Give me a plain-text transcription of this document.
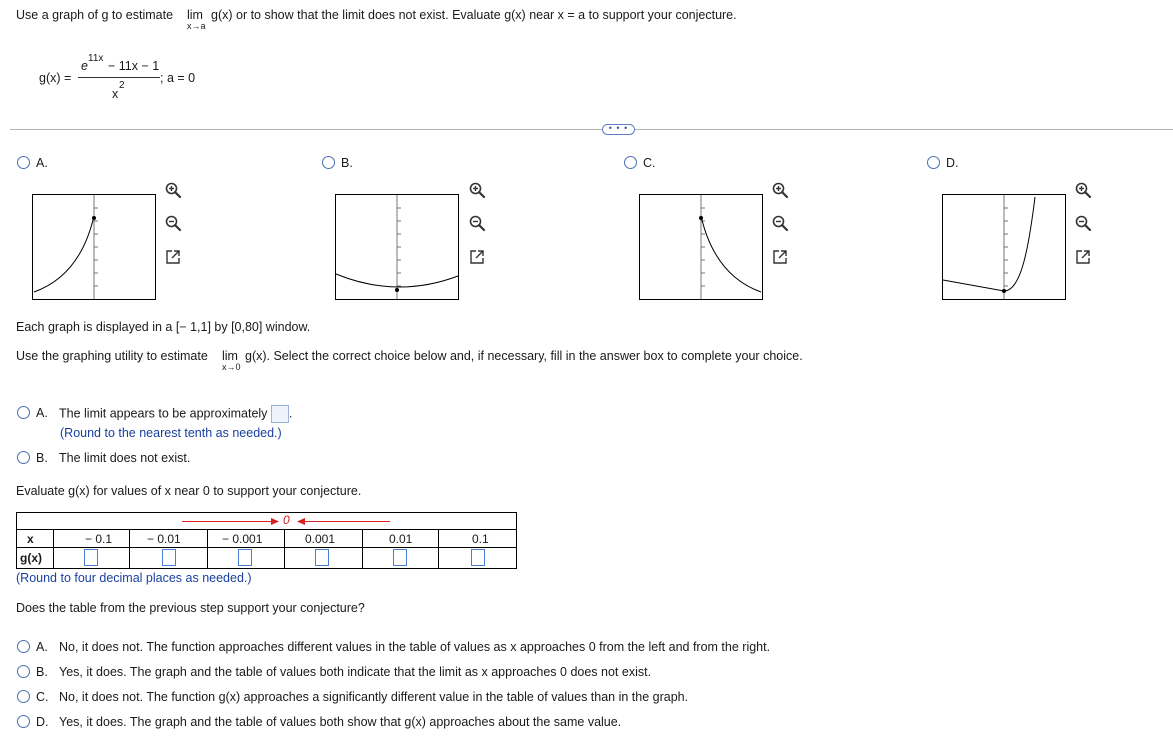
Use a graph of g to estimate lim
x→a
g(x) or to show that the limit does not exist. Evaluate g(x) near x = a to support your conjecture.
g(x) =
e
11x
− 11x − 1
x
2
; a = 0
• • •
A.	B.	C.	D.
Each graph is displayed in a [− 1,1] by [0,80] window.
Use the graphing utility to estimate lim
x→0
g(x). Select the correct choice below and, if necessary, fill in the answer box to complete your choice.
A. The limit appears to be approximately .
(Round to the nearest tenth as needed.)
B. The limit does not exist.
Evaluate g(x) for values of x near 0 to support your conjecture.
0						

x	− 0.1	− 0.01	− 0.001	0.001	0.01	0.1
g(x)	

(Round to four decimal places as needed.)
Does the table from the previous step support your conjecture?
A. No, it does not. The function approaches different values in the table of values as x approaches 0 from the left and from the right.
B. Yes, it does. The graph and the table of values both indicate that the limit as x approaches 0 does not exist.
C. No, it does not. The function g(x) approaches a significantly different value in the table of values than in the graph.
D. Yes, it does. The graph and the table of values both show that g(x) approaches about the same value.
